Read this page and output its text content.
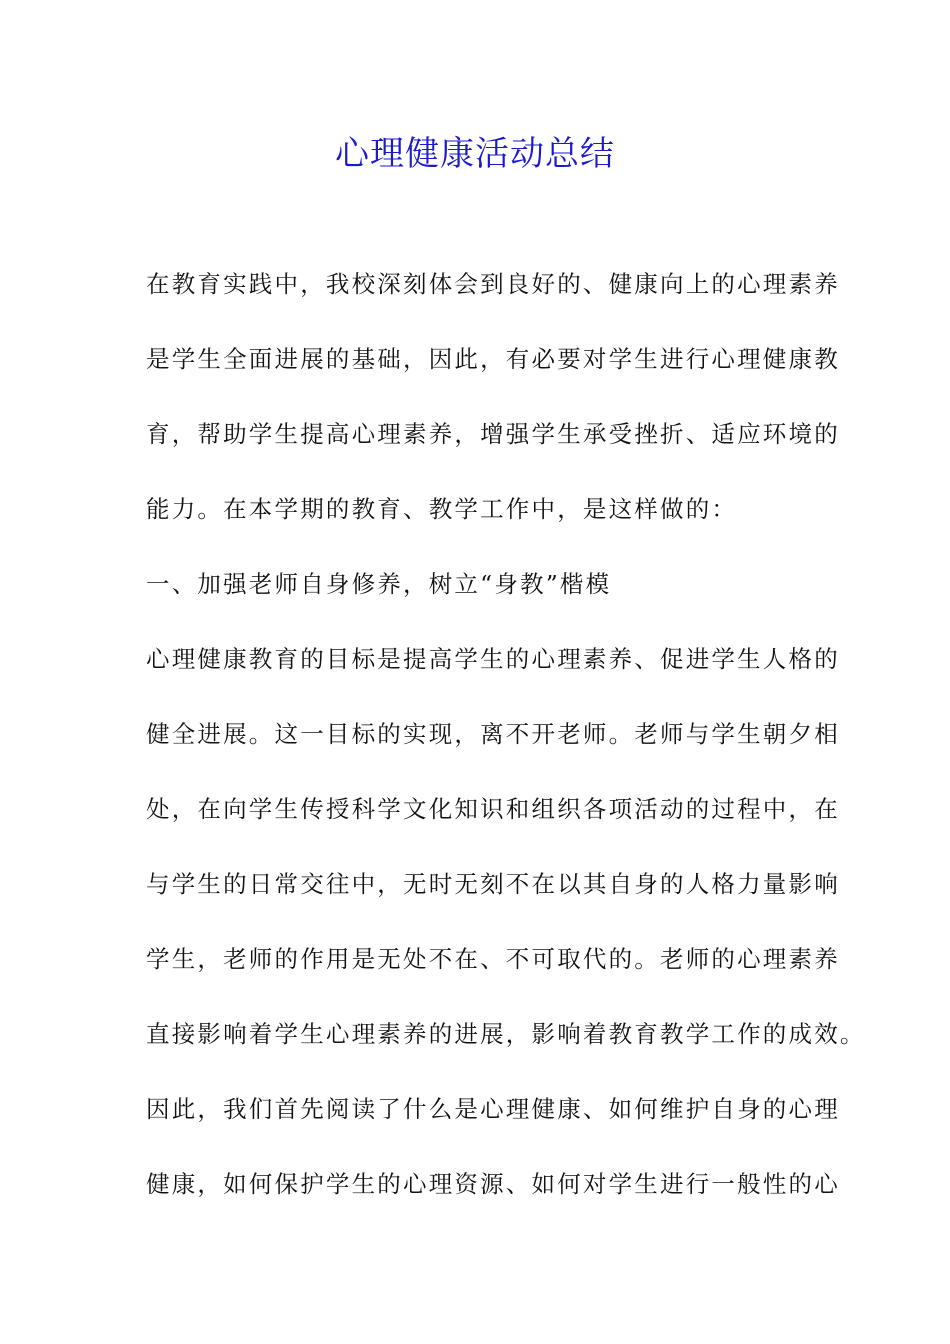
心理健康活动总结
在教育实践中，我校深刻体会到良好的、健康向上的心理素养
是学生全面进展的基础，因此，有必要对学生进行心理健康教
育，帮助学生提高心理素养，增强学生承受挫折、适应环境的
能力。在本学期的教育、教学工作中，是这样做的：
一、加强老师自身修养，树立“身教”楷模
心理健康教育的目标是提高学生的心理素养、促进学生人格的
健全进展。这一目标的实现，离不开老师。老师与学生朝夕相
处，在向学生传授科学文化知识和组织各项活动的过程中，在
与学生的日常交往中，无时无刻不在以其自身的人格力量影响
学生，老师的作用是无处不在、不可取代的。老师的心理素养
直接影响着学生心理素养的进展，影响着教育教学工作的成效。
因此，我们首先阅读了什么是心理健康、如何维护自身的心理
健康，如何保护学生的心理资源、如何对学生进行一般性的心
